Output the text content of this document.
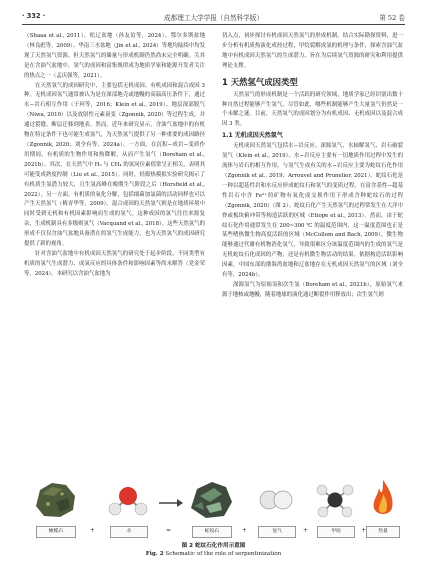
· 332 ·	成都理工大学学报（自然科学版）	第 52 卷

（Shaaa et al., 2011）、松辽盆地（孙友谊等，2024）、鄂尔多斯盆地（林良彪等，2009）、华南三水盆地（Jin et al., 2024）等地均陆续中均发现了天然氢气资源。但天然氢气的储量与形成机制仍然尚未完全明确。关其是在含油气盆地中，氢气的成因和富集规律成为地质学家和能源开发者关注的热点之一（孟庆强等，2021）。

在天然氢气的成因研究中，主要包括无机成因、有机成因和混合成因 3 种。无机成因氢气通常被认为是在深部地壳或地幔的高温高压条件下，通过水−岩石相互作用（于珂等，2016；Klein et al., 2019）、地层深部脱气（Niwa, 2019）以及放射性元素衰变（Zgonnik, 2020）等过程生成，并通过裂缝、断层迁移到地表。然而，近年来研究显示，含油气盆地中的有机物在特定条件下也可能生成氢气，为天然氢气提供了另一种重要的成因路径（Zgonnik, 2020；刘全有等，2024a）。一方面，在沉积−成岩−变质作用期间，有机质的生物作用和热降解，从而产生氢气（Boreham et al., 2021b）。其次，在天然气中 H₂ 与 CH₄ 的氢同位素值常呈正相关，表明其可能受成熟度控制（Liu et al., 2015）。同时，烃源热模拟实验研究揭示了有机质生氢潜力较大，且生氢高峰在晚期生气阶段之后（Horsfield et al., 2022）。另一方面，有机质的氧化分解，包括细菌加氯菌的活动同样也可以产生天然氢气（梅青华等，2009）。混合成因的天然氢气则是在地质环境中同时受到无机和有机因素影响而生成的氢气。这种成因的氢气往往来源复杂，生成机制具有多级则氢气（Vacquand et al., 2018）。这些天然氢气的形成不仅仅含油气盆地具备潜在的氢气生成能力，也为天然氢气的成因研究提供了新的视角。

针对含油气盆地中有机成因天然氢气的研究处于起步阶段，不同类型有机质的氢气生成潜力、成氢反应的具体条件和影响因素等尚未解答（党金荣等，2024）。本研究以含油气盆地为

切入点，初步探讨有机成因天然氢气的形成机制。结合实际勘探资料，进一步分析有机质热演化成烃过程、甲烷裂解成氢的机理与条件，探索含油气盆地中有机成因天然氢气的生成潜力，旨在为后续氢气资源的研究和利用提供理论支撑。

1 天然氢气成因类型

天然氢气的形成机制是一个活跃的研究领域，地质学家已经识别出数十种自然过程能够产生氢气。尽管如此，哪些机制能够产生大量氢气仍然是一个未解之谜。目前，天然氢气的成因划分为有机成因、无机成因以及混合成因 3 类。

1.1 无机成因天然氢气

无机成因天然氢气包括水−岩反应、深源氢气、水辐解氢气、岩石破裂氢气（Klein et al., 2019）。水−岩反应主要有一切地质作用过程中发生的流体与岩石的相互作用，与氢气生成有关的水−岩反应主要为蛇纹石化作用（Zgonnik et al., 2019；Arrouvel and Prunelier, 2021）。蛇纹石化是一种以超基性岩和水反应形成蛇纹石和氢气的变质过程，在富含基性−超基性岩石中含 Fe²⁺的矿物有氧化成交换作用下形成含种蛇纹石的过程（Zgonnik, 2020）（图 2）。蛇纹石化产生天然氢气的过程常发生在大洋中脊或板块俯冲带等构造活跃的区域（Etiope et al., 2013）。然而，由于蛇纹石化作用通常发生在 200~300 ℃ 的温度范围内，这一温度范围也正是某些嗜热微生物高度活跃的区域（McCollom and Bach, 2009），微生物能够通过代谢有机物消化氢气，导致很难区分该温度范围内的生成的氢气是无机蛇纹石化成因的产物，还是有机微生物活动的结果。依据构造活跃影响因素，中国东部的渤海湾盆地和辽盆地存在无机成因天然氢气的区域（刘全有等，2024b）。

深源氢气为原始氢和次生氢（Boreham et al., 2021b），原始氢气来源于地核或地幔，随着地球的演化通过断裂作用释放出；次生氢气则

橄榄石	+	水	=	蛇纹石	+	氢气	+	甲烷	+	热量
图 2 蛇纹石化作用示意图
Fig. 2 Schematic of the role of serpentinization
